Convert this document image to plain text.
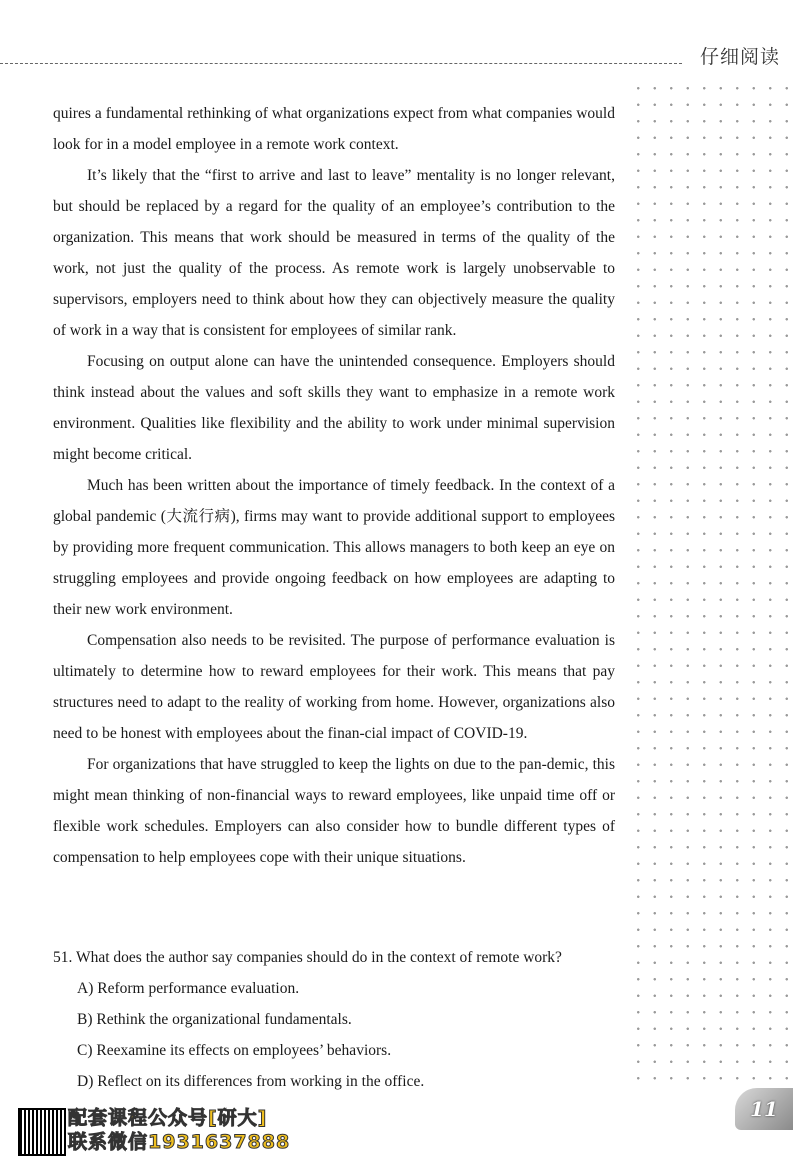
仔细阅读

quires a fundamental rethinking of what organizations expect from what companies would look for in a model employee in a remote work context.

It’s likely that the “first to arrive and last to leave” mentality is no longer relevant, but should be replaced by a regard for the quality of an employee’s contribution to the organization. This means that work should be measured in terms of the quality of the work, not just the quality of the process. As remote work is largely unobservable to supervisors, employers need to think about how they can objectively measure the quality of work in a way that is consistent for employees of similar rank.

Focusing on output alone can have the unintended consequence. Employers should think instead about the values and soft skills they want to emphasize in a remote work environment. Qualities like flexibility and the ability to work under minimal supervision might become critical.

Much has been written about the importance of timely feedback. In the context of a global pandemic (大流行病), firms may want to provide additional support to employees by providing more frequent communication. This allows managers to both keep an eye on struggling employees and provide ongoing feedback on how employees are adapting to their new work environment.

Compensation also needs to be revisited. The purpose of performance evaluation is ultimately to determine how to reward employees for their work. This means that pay structures need to adapt to the reality of working from home. However, organizations also need to be honest with employees about the finan-cial impact of COVID-19.

For organizations that have struggled to keep the lights on due to the pan-demic, this might mean thinking of non-financial ways to reward employees, like unpaid time off or flexible work schedules. Employers can also consider how to bundle different types of compensation to help employees cope with their unique situations.

51. What does the author say companies should do in the context of remote work?

A) Reform performance evaluation.
B) Rethink the organizational fundamentals.
C) Reexamine its effects on employees’ behaviors.
D) Reflect on its differences from working in the office.
配套课程公众号[研大]
联系微信1931637888
11
